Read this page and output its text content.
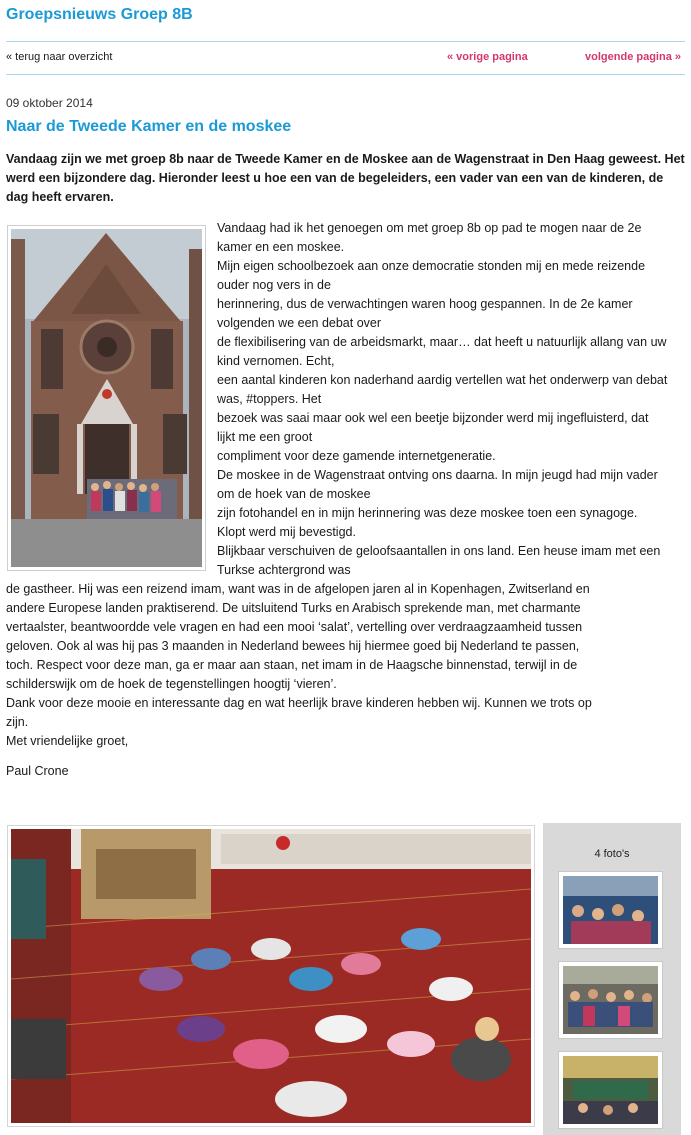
Groepsnieuws Groep 8B
« terug naar overzicht	« vorige pagina	volgende pagina »
09 oktober 2014
Naar de Tweede Kamer en de moskee

Vandaag zijn we met groep 8b naar de Tweede Kamer en de Moskee aan de Wagenstraat in Den Haag geweest. Het werd een bijzondere dag. Hieronder leest u hoe een van de begeleiders, een vader van een van de kinderen, de dag heeft ervaren.

Vandaag had ik het genoegen om met groep 8b op pad te mogen naar de 2e
kamer en een moskee.
Mijn eigen schoolbezoek aan onze democratie stonden mij en mede reizende
ouder nog vers in de
herinnering, dus de verwachtingen waren hoog gespannen. In de 2e kamer
volgenden we een debat over
de flexibilisering van de arbeidsmarkt, maar… dat heeft u natuurlijk allang van uw
kind vernomen. Echt,
een aantal kinderen kon naderhand aardig vertellen wat het onderwerp van debat
was, #toppers. Het
bezoek was saai maar ook wel een beetje bijzonder werd mij ingefluisterd, dat
lijkt me een groot
compliment voor deze gamende internetgeneratie.
De moskee in de Wagenstraat ontving ons daarna. In mijn jeugd had mijn vader
om de hoek van de moskee
zijn fotohandel en in mijn herinnering was deze moskee toen een synagoge.
Klopt werd mij bevestigd.
Blijkbaar verschuiven de geloofsaantallen in ons land. Een heuse imam met een
Turkse achtergrond was
de gastheer. Hij was een reizend imam, want was in de afgelopen jaren al in Kopenhagen, Zwitserland en
andere Europese landen praktiserend. De uitsluitend Turks en Arabisch sprekende man, met charmante
vertaalster, beantwoordde vele vragen en had een mooi ‘salat’, vertelling over verdraagzaamheid tussen
geloven. Ook al was hij pas 3 maanden in Nederland bewees hij hiermee goed bij Nederland te passen,
toch. Respect voor deze man, ga er maar aan staan, net imam in de Haagsche binnenstad, terwijl in de
schilderswijk om de hoek de tegenstellingen hoogtij ‘vieren’.
Dank voor deze mooie en interessante dag en wat heerlijk brave kinderen hebben wij. Kunnen we trots op
zijn.
Met vriendelijke groet,
Paul Crone
4 foto's
